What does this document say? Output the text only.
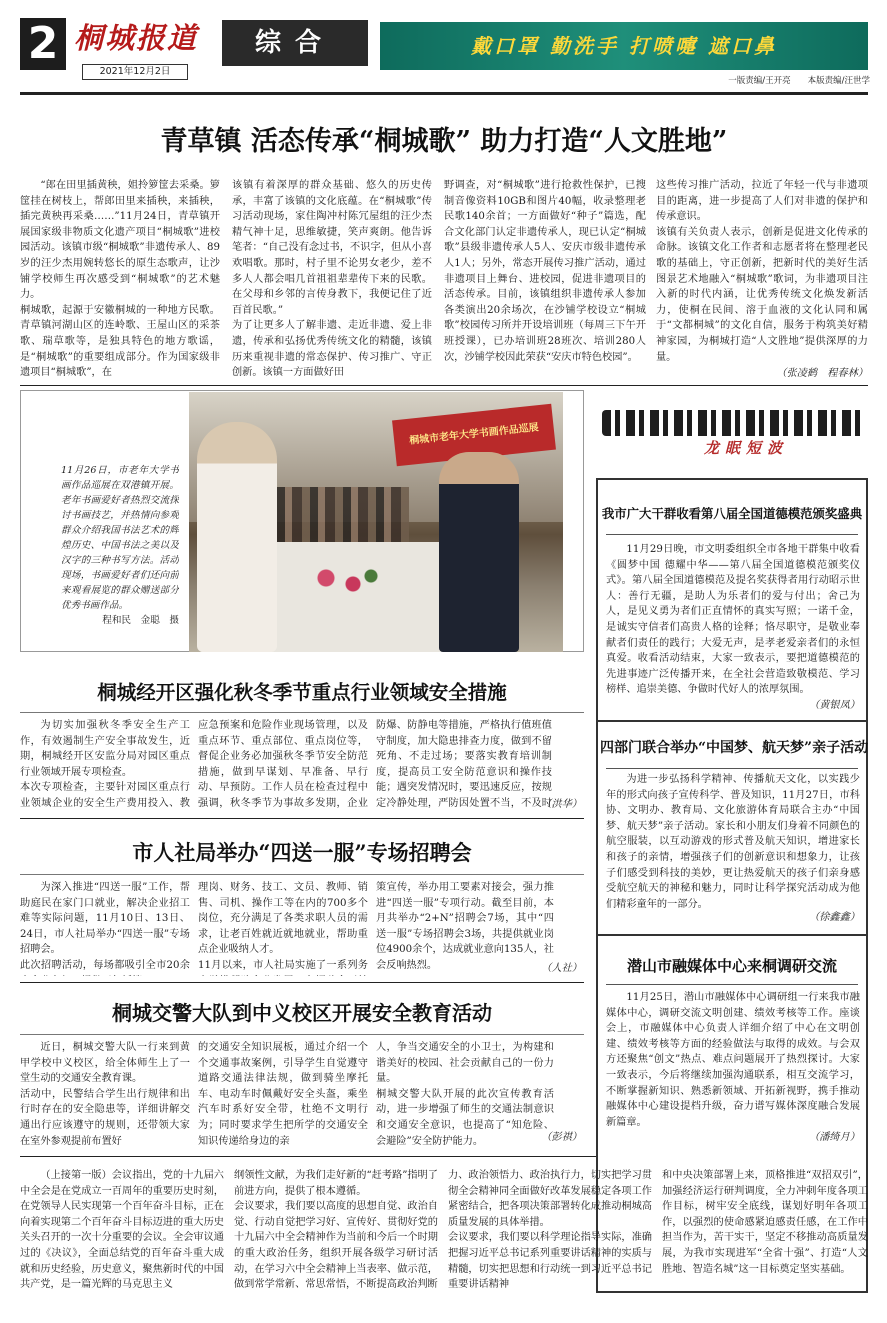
2 桐城报道	综合
2021年12月2日
戴口罩 勤洗手 打喷嚏 遮口鼻
一版责编/王开亮　　本版责编/汪世学
青草镇 活态传承“桐城歌” 助力打造“人文胜地”
“郎在田里插黄秧，姐拎箩筐去采桑。箩筐挂在树枝上，帮郎田里来插秧，来插秧，插完黄秧再采桑……”11月24日，青草镇开展国家级非物质文化遗产项目“桐城歌”进校园活动。该镇市级“桐城歌”非遗传承人、89岁的汪少杰用婉转悠长的原生态歌声，让沙铺学校师生再次感受到“桐城歌”的艺术魅力。
桐城歌，起源于安徽桐城的一种地方民歌。青草镇河湖山区的连岭歌、王屋山区的采茶歌、瑞草歌等，是独具特色的地方歌谣，是“桐城歌”的重要组成部分。作为国家级非遗项目“桐城歌”，在
该镇有着深厚的群众基础、悠久的历史传承，丰富了该镇的文化底蕴。在“桐城歌”传习活动现场，家住陶冲村陈冗屋组的汪少杰精气神十足，思维敏捷，笑声爽朗。他告诉笔者：“自己没有念过书，不识字，但从小喜欢唱歌。那时，村子里不论男女老少，差不多人人都会唱几首祖祖辈辈传下来的民歌。在父母和乡邻的言传身教下，我便记住了近百首民歌。”
为了让更多人了解非遗、走近非遗、爱上非遗，传承和弘扬优秀传统文化的精髓，该镇历来重视非遗的常态保护、传习推广、守正创新。该镇一方面做好田
野调查，对“桐城歌”进行抢救性保护，已搜制音像资料10GB和图片40幅，收录整理老民歌140余首；一方面做好“种子”篇选，配合文化部门认定非遗传承人，现已认定“桐城歌”县级非遗传承人5人、安庆市级非遗传承人1人；另外，常态开展传习推广活动，通过非遗项目上舞台、进校园，促进非遗项目的活态传承。目前，该镇组织非遗传承人参加各类演出20余场次，在沙铺学校设立“桐城歌”校园传习所并开设培训班（每周三下午开班授课），已办培训班28班次、培训280人次，沙铺学校因此荣获“安庆市特色校园”。
这些传习推广活动，拉近了年轻一代与非遗项目的距离，进一步提高了人们对非遗的保护和传承意识。
该镇有关负责人表示，创新是促进文化传承的命脉。该镇文化工作者和志愿者将在整理老民歌的基础上，守正创新，把新时代的美好生活图景艺术地融入“桐城歌”歌词，为非遗项目注入新的时代内涵，让优秀传统文化焕发新活力，使桐在民间、溶于血液的文化认同和属于“文都桐城”的文化自信，服务于构筑美好精神家园，为桐城打造“人文胜地”提供深厚的力量。
（张凌鹤　程春林）
11月26日，市老年大学书画作品巡展在双港镇开展。老年书画爱好者热烈交流探讨书画技艺，并热情向参观群众介绍我国书法艺术的辉煌历史、中国书法之美以及汉字的三种书写方法。活动现场，书画爱好者们还向前来观看展览的群众赠送部分优秀书画作品。
程和民　金聪　摄
桐城市老年大学书画作品巡展
龙眠短波
我市广大干群收看第八届全国道德模范颁奖盛典
11月29日晚，市文明委组织全市各地干群集中收看《圆梦中国 德耀中华——第八届全国道德模范颁奖仪式》。第八届全国道德模范及提名奖获得者用行动昭示世人：善行无疆，是助人为乐者们的爱与付出；舍己为人，是见义勇为者们正直情怀的真实写照；一诺千金，是诚实守信者们高贵人格的诠释；恪尽职守，是敬业奉献者们责任的践行；大爱无声，是孝老爱亲者们的永恒真爱。收看活动结束，大家一致表示，要把道德模范的先进事迹广泛传播开来，在全社会营造致敬模范、学习榜样、追崇美德、争做时代好人的浓厚氛围。
（黄银凤）
四部门联合举办“中国梦、航天梦”亲子活动
为进一步弘扬科学精神、传播航天文化，以实践少年的形式向孩子宣传科学、普及知识，11月27日，市科协、文明办、教育局、文化旅游体育局联合主办“中国梦、航天梦”亲子活动。家长和小朋友们身着不同颜色的航空服装，以互动游戏的形式普及航天知识，增进家长和孩子的亲情，增强孩子们的创新意识和想象力，让孩子们感受到科技的美妙，更让热爱航天的孩子们亲身感受航空航天的神秘和魅力，同时让科学探究活动成为他们精彩童年的一部分。
（徐鑫鑫）
潜山市融媒体中心来桐调研交流
11月25日，潜山市融媒体中心调研组一行来我市融媒体中心，调研交流文明创建、绩效考核等工作。座谈会上，市融媒体中心负责人详细介绍了中心在文明创建、绩效考核等方面的经验做法与取得的成效。与会双方还聚焦“创文”热点、难点问题展开了热烈探讨。大家一致表示，今后将继续加强沟通联系，相互交流学习，不断掌握新知识、熟悉新领域、开拓新视野，携手推动融媒体中心建设提档升级，奋力谱写媒体深度融合发展新篇章。
（潘绮月）
桐城经开区强化秋冬季节重点行业领域安全措施
为切实加强秋冬季安全生产工作，有效遏制生产安全事故发生，近期，桐城经开区安监分局对园区重点行业领域开展专项检查。
本次专项检查，主要针对园区重点行业领域企业的安全生产费用投入、教
应急预案和危险作业现场管理，以及重点环节、重点部位、重点岗位等，督促企业务必加强秋冬季节安全防范措施，做到早谋划、早准备、早行动、早预防。工作人员在检查过程中强调，秋冬季节为事故多发期，企业
防爆、防静电等措施，严格执行值班值守制度，加大隐患排查力度，做到不留死角、不走过场；要落实教育培训制度，提高员工安全防范意识和操作技能；遇突发情况时，要迅速反应，按规定冷静处理，严防因处置不当，不及时
（洪华）
市人社局举办“四送一服”专场招聘会
为深入推进“四送一服”工作，帮助庭民在家门口就业，解决企业招工难等实际问题，11月10日、13日、24日，市人社局举办“四送一服”专场招聘会。
此次招聘活动，每场都吸引全市20余
理岗、财务、技工、文员、教师、销售、司机、操作工等在内的700多个岗位，充分满足了各类求职人员的需求，让老百姓就近就地就业，帮助重点企业吸纳人才。
11月以来，市人社局实施了一系列务
策宣传，举办用工要素对接会，强力推进“四送一服”专项行动。截至目前，本月共举办“2+N”招聘会7场，其中“四送一服”专场招聘会3场，共提供就业岗位4900余个，达成就业意向135人，社会反响热烈。	（人社）
桐城交警大队到中义校区开展安全教育活动
近日，桐城交警大队一行来到黄甲学校中义校区，给全体师生上了一堂生动的交通安全教育课。
活动中，民警结合学生出行规律和出行时存在的安全隐患等，详细讲解交通出行应该遵守的规则，还带领大家在室外参观提前布置好
的交通安全知识展板，通过介绍一个个交通事故案例，引导学生自觉遵守道路交通法律法规，做到骑坐摩托车、电动车时佩戴好安全头盔，乘坐汽车时系好安全带，杜绝不文明行为；同时要求学生把所学的交通安全知识传递给身边的亲
人，争当交通安全的小卫士，为构建和谐美好的校园、社会贡献自己的一份力量。
桐城交警大队开展的此次宣传教育活动，进一步增强了师生的交通法制意识和交通安全意识，也提高了“知危险、会避险”安全防护能力。	（彭祺）
（上接第一版）会议指出，党的十九届六中全会是在党成立一百周年的重要历史时刻，在党领导人民实现第一个百年奋斗目标，正在向着实现第二个百年奋斗目标迈进的重大历史关头召开的一次十分重要的会议。全会审议通过的《决议》，全面总结党的百年奋斗重大成就和历史经验，历史意义，聚焦新时代的中国共产党，是一篇光辉的马克思主义
纲领性文献，为我们走好新的“赶考路”指明了前进方向，提供了根本遵循。
会议要求，我们要以高度的思想自觉、政治自觉、行动自觉把学习好、宣传好、贯彻好党的十九届六中全会精神作为当前和今后一个时期的重大政治任务，组织开展各级学习研讨活动，在学习六中全会精神上当表率、做示范，做到常学常新、常思常悟，不断提高政治判断
力、政治领悟力、政治执行力，切实把学习贯彻全会精神同全面做好改革发展稳定各项工作紧密结合，把各项决策部署转化成推动桐城高质量发展的具体举措。
会议要求，我们要以科学理论指导实际，准确把握习近平总书记系列重要讲话精神的实质与精髓，切实把思想和行动统一到习近平总书记重要讲话精神
和中央决策部署上来，顶格推进“双招双引”，加强经济运行研判调度，全力冲刺年度各项工作目标，树牢安全底线，谋划好明年各项工作，以强烈的使命感紧迫感责任感，在工作中担当作为，苦干实干，坚定不移推动高质量发展，为我市实现进军“全省十强”、打造“人文胜地、智造名城”这一目标奠定坚实基础。
